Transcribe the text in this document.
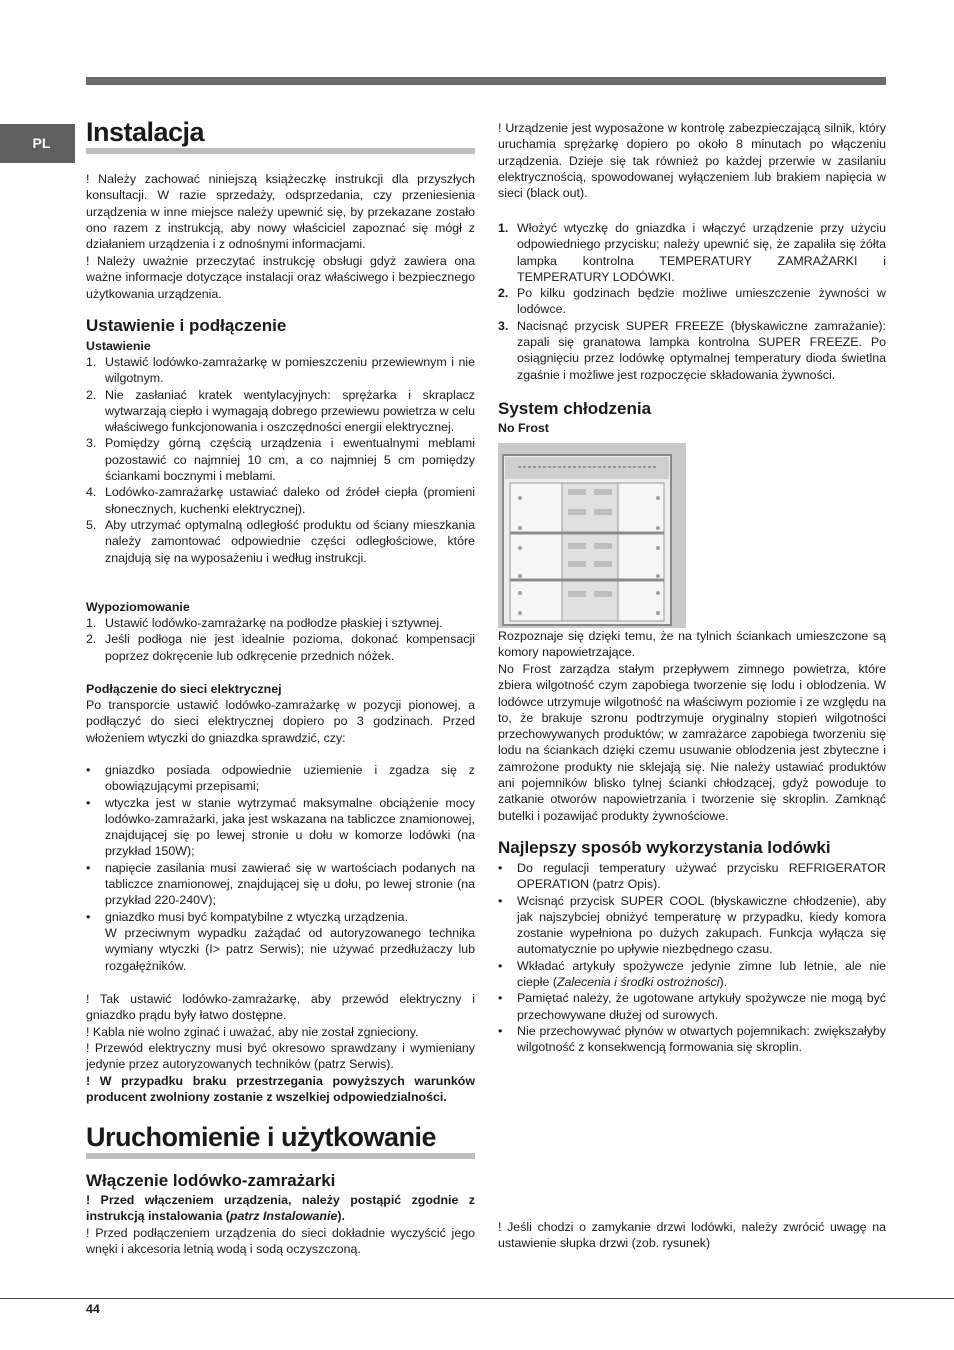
PL	Instalacja

! Należy zachować niniejszą książeczkę instrukcji dla przyszłych konsultacji. W razie sprzedaży, odsprzedania, czy przeniesienia urządzenia w inne miejsce należy upewnić się, by przekazane zostało ono razem z instrukcją, aby nowy właściciel zapoznać się mógł z działaniem urządzenia i z odnośnymi informacjami.

! Należy uważnie przeczytać instrukcję obsługi gdyż zawiera ona ważne informacje dotyczące instalacji oraz właściwego i bezpiecznego użytkowania urządzenia.

Ustawienie i podłączenie
Ustawienie
1. Ustawić lodówko-zamrażarkę w pomieszczeniu przewiewnym i nie wilgotnym.
2. Nie zasłaniać kratek wentylacyjnych: sprężarka i skraplacz wytwarzają ciepło i wymagają dobrego przewiewu powietrza w celu właściwego funkcjonowania i oszczędności energii elektrycznej.
3. Pomiędzy górną częścią urządzenia i ewentualnymi meblami pozostawić co najmniej 10 cm, a co najmniej 5 cm pomiędzy ściankami bocznymi i meblami.
4. Lodówko-zamrażarkę ustawiać daleko od źródeł ciepła (promieni słonecznych, kuchenki elektrycznej).
5. Aby utrzymać optymalną odległość produktu od ściany mieszkania należy zamontować odpowiednie części odległościowe, które znajdują się na wyposażeniu i według instrukcji.
Wypoziomowanie
1. Ustawić lodówko-zamrażarkę na podłodze płaskiej i sztywnej.
2. Jeśli podłoga nie jest idealnie pozioma, dokonać kompensacji poprzez dokręcenie lub odkręcenie przednich nóżek.
Podłączenie do sieci elektrycznej

Po transporcie ustawić lodówko-zamrażarkę w pozycji pionowej, a podłączyć do sieci elektrycznej dopiero po 3 godzinach. Przed włożeniem wtyczki do gniazdka sprawdzić, czy:

• gniazdko posiada odpowiednie uziemienie i zgadza się z obowiązującymi przepisami;
• wtyczka jest w stanie wytrzymać maksymalne obciążenie mocy lodówko-zamrażarki, jaka jest wskazana na tabliczce znamionowej, znajdującej się po lewej stronie u dołu w komorze lodówki (na przykład 150W);
• napięcie zasilania musi zawierać się w wartościach podanych na tabliczce znamionowej, znajdującej się u dołu, po lewej stronie (na przykład 220-240V);
• gniazdko musi być kompatybilne z wtyczką urządzenia.

W przeciwnym wypadku zażądać od autoryzowanego technika wymiany wtyczki (I> patrz Serwis); nie używać przedłużaczy lub rozgałężników.

! Tak ustawić lodówko-zamrażarkę, aby przewód elektryczny i gniazdko prądu były łatwo dostępne.

! Kabla nie wolno zginać i uważać, aby nie został zgnieciony.

! Przewód elektryczny musi być okresowo sprawdzany i wymieniany jedynie przez autoryzowanych techników (patrz Serwis).

! W przypadku braku przestrzegania powyższych warunków producent zwolniony zostanie z wszelkiej odpowiedzialności.

Uruchomienie i użytkowanie
Włączenie lodówko-zamrażarki

! Przed włączeniem urządzenia, należy postąpić zgodnie z instrukcją instalowania (patrz Instalowanie).

! Przed podłączeniem urządzenia do sieci dokładnie wyczyścić jego wnęki i akcesoria letnią wodą i sodą oczyszczoną.

! Urządzenie jest wyposażone w kontrolę zabezpieczającą silnik, który uruchamia sprężarkę dopiero po około 8 minutach po włączeniu urządzenia. Dzieje się tak również po każdej przerwie w zasilaniu elektrycznością, spowodowanej wyłączeniem lub brakiem napięcia w sieci (black out).

1. Włożyć wtyczkę do gniazdka i włączyć urządzenie przy użyciu odpowiedniego przycisku; należy upewnić się, że zapaliła się żółta lampka kontrolna TEMPERATURY ZAMRAŻARKI i TEMPERATURY LODÓWKI.
2. Po kilku godzinach będzie możliwe umieszczenie żywności w lodówce.
3. Nacisnąć przycisk SUPER FREEZE (błyskawiczne zamrażanie): zapali się granatowa lampka kontrolna SUPER FREEZE. Po osiągnięciu przez lodówkę optymalnej temperatury dioda świetlna zgaśnie i możliwe jest rozpoczęcie składowania żywności.
System chłodzenia
No Frost

Rozpoznaje się dzięki temu, że na tylnich ściankach umieszczone są komory napowietrzające.

No Frost zarządza stałym przepływem zimnego powietrza, które zbiera wilgotność czym zapobiega tworzenie się lodu i oblodzenia. W lodówce utrzymuje wilgotność na właściwym poziomie i ze względu na to, że brakuje szronu podtrzymuje oryginalny stopień wilgotności przechowywanych produktów; w zamrażarce zapobiega tworzeniu się lodu na ściankach dzięki czemu usuwanie oblodzenia jest zbyteczne i zamrożone produkty nie sklejają się. Nie należy ustawiać produktów ani pojemników blisko tylnej ścianki chłodzącej, gdyż powoduje to zatkanie otworów napowietrzania i tworzenie się skroplin. Zamknąć butelki i pozawijać produkty żywnościowe.

Najlepszy sposób wykorzystania lodówki
• Do regulacji temperatury używać przycisku REFRIGERATOR OPERATION (patrz Opis).
• Wcisnąć przycisk SUPER COOL (błyskawiczne chłodzenie), aby jak najszybciej obniżyć temperaturę w przypadku, kiedy komora zostanie wypełniona po dużych zakupach. Funkcja wyłącza się automatycznie po upływie niezbędnego czasu.
• Wkładać artykuły spożywcze jedynie zimne lub letnie, ale nie ciepłe (Zalecenia i środki ostrożności).
• Pamiętać należy, że ugotowane artykuły spożywcze nie mogą być przechowywane dłużej od surowych.
• Nie przechowywać płynów w otwartych pojemnikach: zwiększałyby wilgotność z konsekwencją formowania się skroplin.

! Jeśli chodzi o zamykanie drzwi lodówki, należy zwrócić uwagę na ustawienie słupka drzwi (zob. rysunek)

44
